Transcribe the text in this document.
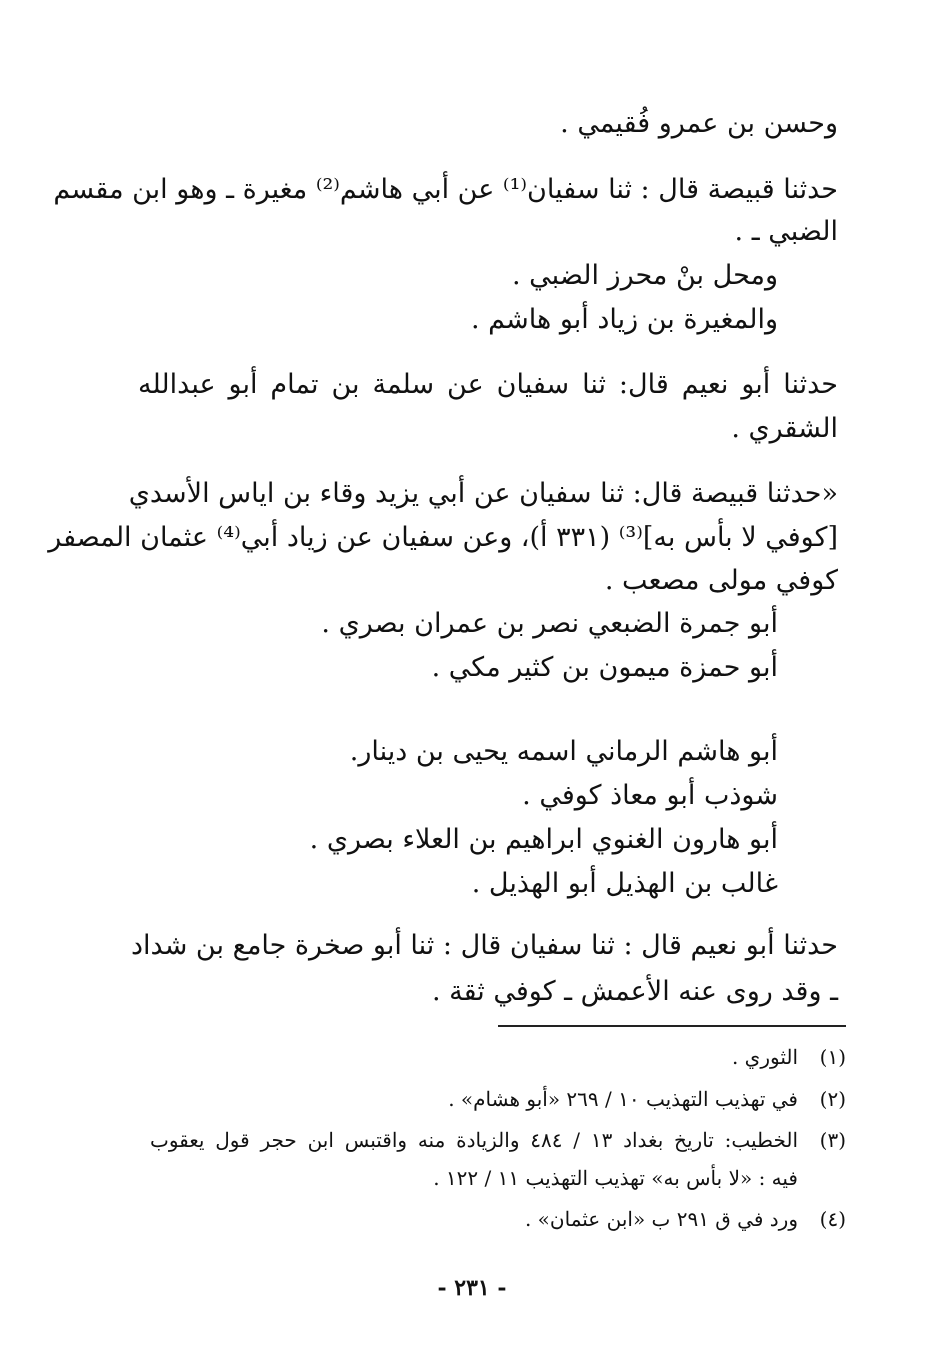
وحسن بن عمرو فُقيمي .
حدثنا قبيصة قال : ثنا سفيان⁽¹⁾ عن أبي هاشم⁽²⁾ مغيرة ـ وهو ابن مقسم
الضبي ـ .
ومحل بنْ محرز الضبي .
والمغيرة بن زياد أبو هاشم .
حدثنا أبو نعيم قال: ثنا سفيان عن سلمة بن تمام أبو عبدالله
الشقري .
«حدثنا قبيصة قال: ثنا سفيان عن أبي يزيد وقاء بن اياس الأسدي
[كوفي لا بأس به]⁽³⁾ (٣٣١ أ)، وعن سفيان عن زياد أبي⁽⁴⁾ عثمان المصفر
كوفي مولى مصعب .
أبو جمرة الضبعي نصر بن عمران بصري .
أبو حمزة ميمون بن كثير مكي .
أبو هاشم الرماني اسمه يحيى بن دينار.
شوذب أبو معاذ كوفي .
أبو هارون الغنوي ابراهيم بن العلاء بصري .
غالب بن الهذيل أبو الهذيل .
حدثنا أبو نعيم قال : ثنا سفيان قال : ثنا أبو صخرة جامع بن شداد
ـ وقد روى عنه الأعمش ـ كوفي ثقة .
(١)
الثوري .
(٢)
في تهذيب التهذيب ١٠ / ٢٦٩ «أبو هشام» .
(٣)
الخطيب: تاريخ بغداد ١٣ / ٤٨٤ والزيادة منه واقتبس ابن حجر قول يعقوب
فيه : «لا بأس به» تهذيب التهذيب ١١ / ١٢٢ .
(٤)
ورد في ق ٢٩١ ب «ابن عثمان» .
- ٢٣١ -
